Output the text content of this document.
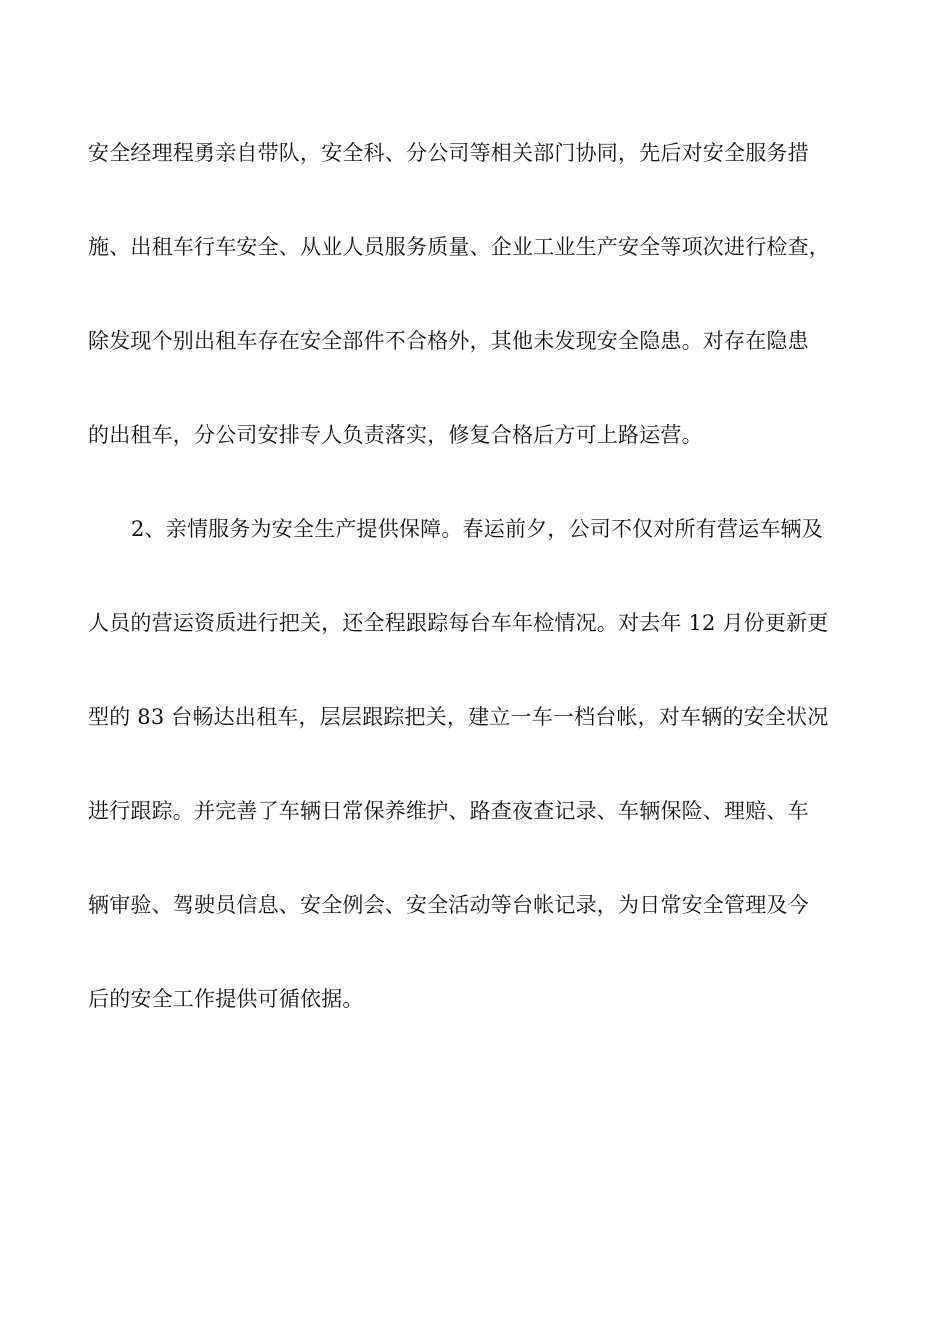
安全经理程勇亲自带队，安全科、分公司等相关部门协同，先后对安全服务措
施、出租车行车安全、从业人员服务质量、企业工业生产安全等项次进行检查，
除发现个别出租车存在安全部件不合格外，其他未发现安全隐患。对存在隐患
的出租车，分公司安排专人负责落实，修复合格后方可上路运营。
2、亲情服务为安全生产提供保障。春运前夕，公司不仅对所有营运车辆及
人员的营运资质进行把关，还全程跟踪每台车年检情况。对去年 12 月份更新更
型的 83 台畅达出租车，层层跟踪把关，建立一车一档台帐，对车辆的安全状况
进行跟踪。并完善了车辆日常保养维护、路查夜查记录、车辆保险、理赔、车
辆审验、驾驶员信息、安全例会、安全活动等台帐记录，为日常安全管理及今
后的安全工作提供可循依据。
